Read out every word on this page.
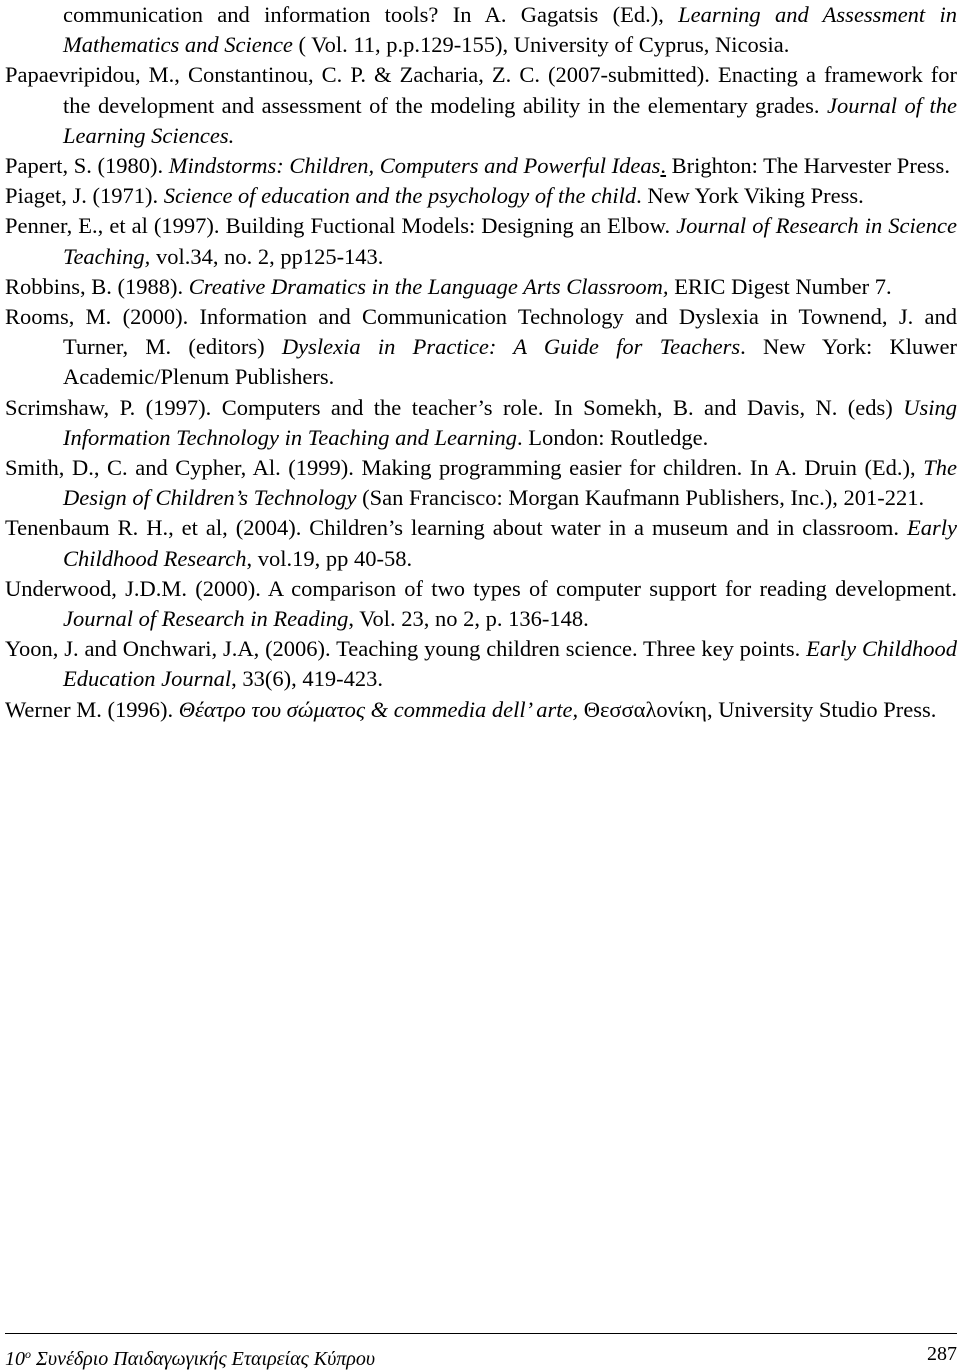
communication and information tools? In A. Gagatsis (Ed.), Learning and Assessment in Mathematics and Science ( Vol. 11, p.p.129-155), University of Cyprus, Nicosia.

Papaevripidou, M., Constantinou, C. P. & Zacharia, Z. C. (2007-submitted). Enacting a framework for the development and assessment of the modeling ability in the elementary grades. Journal of the Learning Sciences.

Papert, S. (1980). Mindstorms: Children, Computers and Powerful Ideas. Brighton: The Harvester Press.

Piaget, J. (1971). Science of education and the psychology of the child. New York Viking Press.

Penner, E., et al (1997). Building Fuctional Models: Designing an Elbow. Journal of Research in Science Teaching, vol.34, no. 2, pp125-143.

Robbins, B. (1988). Creative Dramatics in the Language Arts Classroom, ERIC Digest Number 7.

Rooms, M. (2000). Information and Communication Technology and Dyslexia in Townend, J. and Turner, M. (editors) Dyslexia in Practice: A Guide for Teachers. New York: Kluwer Academic/Plenum Publishers.

Scrimshaw, P. (1997). Computers and the teacher’s role. In Somekh, B. and Davis, N. (eds) Using Information Technology in Teaching and Learning. London: Routledge.

Smith, D., C. and Cypher, Al. (1999). Making programming easier for children. In A. Druin (Ed.), The Design of Children’s Technology (San Francisco: Morgan Kaufmann Publishers, Inc.), 201-221.

Tenenbaum R. H., et al, (2004). Children’s learning about water in a museum and in classroom. Early Childhood Research, vol.19, pp 40-58.

Underwood, J.D.M. (2000). A comparison of two types of computer support for reading development. Journal of Research in Reading, Vol. 23, no 2, p. 136-148.

Yoon, J. and Onchwari, J.A, (2006). Teaching young children science. Three key points. Early Childhood Education Journal, 33(6), 419-423.

Werner M. (1996). Θέατρο του σώματος & commedia dell’ arte, Θεσσαλονίκη, University Studio Press.

$10^o$ Συνέδριο Παιδαγωγικής Εταιρείας Κύπρου	287
